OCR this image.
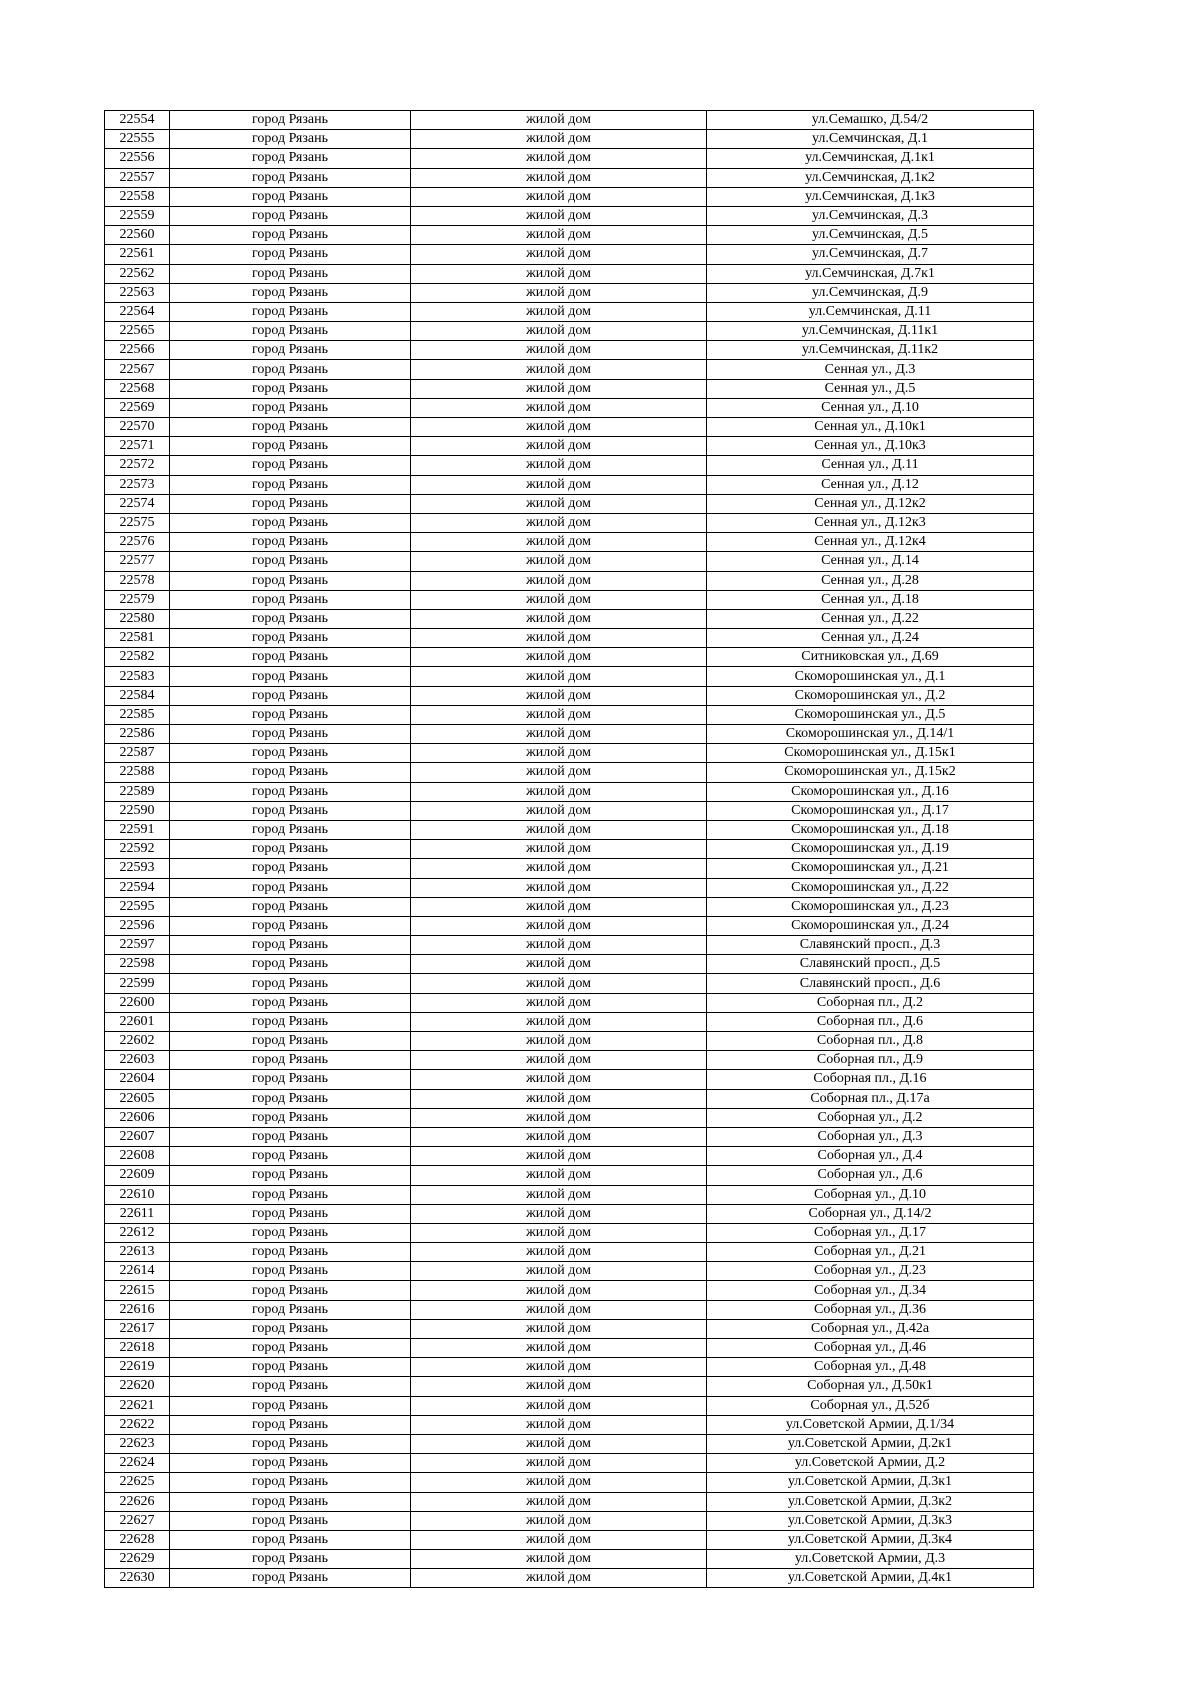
22554	город Рязань	жилой дом	ул.Семашко, Д.54/2
22555	город Рязань	жилой дом	ул.Семчинская, Д.1
22556	город Рязань	жилой дом	ул.Семчинская, Д.1к1
22557	город Рязань	жилой дом	ул.Семчинская, Д.1к2
22558	город Рязань	жилой дом	ул.Семчинская, Д.1к3
22559	город Рязань	жилой дом	ул.Семчинская, Д.3
22560	город Рязань	жилой дом	ул.Семчинская, Д.5
22561	город Рязань	жилой дом	ул.Семчинская, Д.7
22562	город Рязань	жилой дом	ул.Семчинская, Д.7к1
22563	город Рязань	жилой дом	ул.Семчинская, Д.9
22564	город Рязань	жилой дом	ул.Семчинская, Д.11
22565	город Рязань	жилой дом	ул.Семчинская, Д.11к1
22566	город Рязань	жилой дом	ул.Семчинская, Д.11к2
22567	город Рязань	жилой дом	Сенная ул., Д.3
22568	город Рязань	жилой дом	Сенная ул., Д.5
22569	город Рязань	жилой дом	Сенная ул., Д.10
22570	город Рязань	жилой дом	Сенная ул., Д.10к1
22571	город Рязань	жилой дом	Сенная ул., Д.10к3
22572	город Рязань	жилой дом	Сенная ул., Д.11
22573	город Рязань	жилой дом	Сенная ул., Д.12
22574	город Рязань	жилой дом	Сенная ул., Д.12к2
22575	город Рязань	жилой дом	Сенная ул., Д.12к3
22576	город Рязань	жилой дом	Сенная ул., Д.12к4
22577	город Рязань	жилой дом	Сенная ул., Д.14
22578	город Рязань	жилой дом	Сенная ул., Д.28
22579	город Рязань	жилой дом	Сенная ул., Д.18
22580	город Рязань	жилой дом	Сенная ул., Д.22
22581	город Рязань	жилой дом	Сенная ул., Д.24
22582	город Рязань	жилой дом	Ситниковская ул., Д.69
22583	город Рязань	жилой дом	Скоморошинская ул., Д.1
22584	город Рязань	жилой дом	Скоморошинская ул., Д.2
22585	город Рязань	жилой дом	Скоморошинская ул., Д.5
22586	город Рязань	жилой дом	Скоморошинская ул., Д.14/1
22587	город Рязань	жилой дом	Скоморошинская ул., Д.15к1
22588	город Рязань	жилой дом	Скоморошинская ул., Д.15к2
22589	город Рязань	жилой дом	Скоморошинская ул., Д.16
22590	город Рязань	жилой дом	Скоморошинская ул., Д.17
22591	город Рязань	жилой дом	Скоморошинская ул., Д.18
22592	город Рязань	жилой дом	Скоморошинская ул., Д.19
22593	город Рязань	жилой дом	Скоморошинская ул., Д.21
22594	город Рязань	жилой дом	Скоморошинская ул., Д.22
22595	город Рязань	жилой дом	Скоморошинская ул., Д.23
22596	город Рязань	жилой дом	Скоморошинская ул., Д.24
22597	город Рязань	жилой дом	Славянский просп., Д.3
22598	город Рязань	жилой дом	Славянский просп., Д.5
22599	город Рязань	жилой дом	Славянский просп., Д.6
22600	город Рязань	жилой дом	Соборная пл., Д.2
22601	город Рязань	жилой дом	Соборная пл., Д.6
22602	город Рязань	жилой дом	Соборная пл., Д.8
22603	город Рязань	жилой дом	Соборная пл., Д.9
22604	город Рязань	жилой дом	Соборная пл., Д.16
22605	город Рязань	жилой дом	Соборная пл., Д.17а
22606	город Рязань	жилой дом	Соборная ул., Д.2
22607	город Рязань	жилой дом	Соборная ул., Д.3
22608	город Рязань	жилой дом	Соборная ул., Д.4
22609	город Рязань	жилой дом	Соборная ул., Д.6
22610	город Рязань	жилой дом	Соборная ул., Д.10
22611	город Рязань	жилой дом	Соборная ул., Д.14/2
22612	город Рязань	жилой дом	Соборная ул., Д.17
22613	город Рязань	жилой дом	Соборная ул., Д.21
22614	город Рязань	жилой дом	Соборная ул., Д.23
22615	город Рязань	жилой дом	Соборная ул., Д.34
22616	город Рязань	жилой дом	Соборная ул., Д.36
22617	город Рязань	жилой дом	Соборная ул., Д.42а
22618	город Рязань	жилой дом	Соборная ул., Д.46
22619	город Рязань	жилой дом	Соборная ул., Д.48
22620	город Рязань	жилой дом	Соборная ул., Д.50к1
22621	город Рязань	жилой дом	Соборная ул., Д.52б
22622	город Рязань	жилой дом	ул.Советской Армии, Д.1/34
22623	город Рязань	жилой дом	ул.Советской Армии, Д.2к1
22624	город Рязань	жилой дом	ул.Советской Армии, Д.2
22625	город Рязань	жилой дом	ул.Советской Армии, Д.3к1
22626	город Рязань	жилой дом	ул.Советской Армии, Д.3к2
22627	город Рязань	жилой дом	ул.Советской Армии, Д.3к3
22628	город Рязань	жилой дом	ул.Советской Армии, Д.3к4
22629	город Рязань	жилой дом	ул.Советской Армии, Д.3
22630	город Рязань	жилой дом	ул.Советской Армии, Д.4к1
